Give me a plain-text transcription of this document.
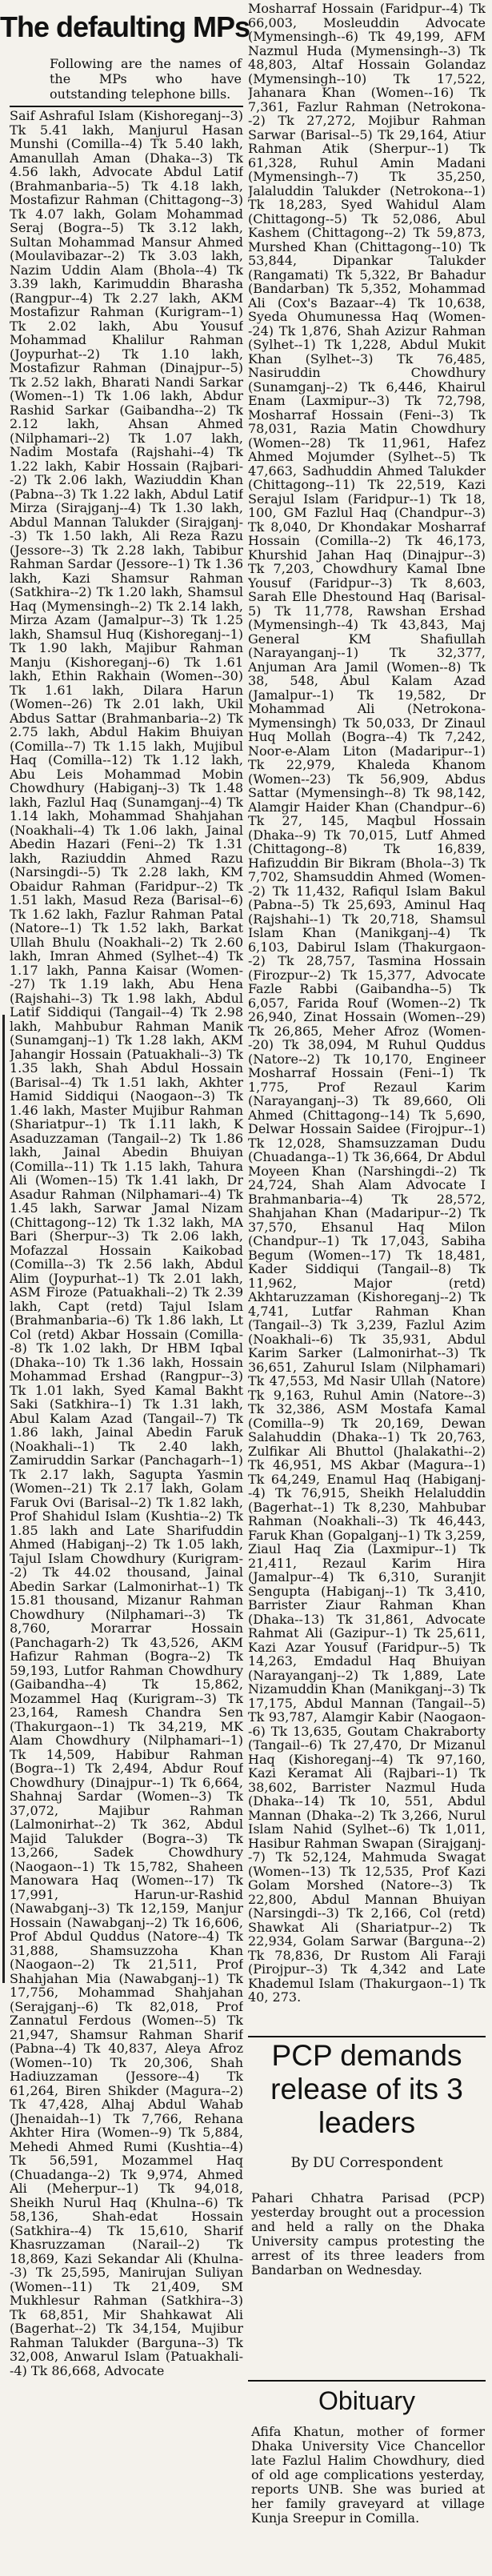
The defaulting MPs
Following are the names of the MPs who have outstanding telephone bills.

Saif Ashraful Islam (Kishoreganj--3) Tk 5.41 lakh, Manjurul Hasan Munshi (Comilla--4) Tk 5.40 lakh, Amanullah Aman (Dhaka--3) Tk 4.56 lakh, Advocate Abdul Latif (Brahmanbaria--5) Tk 4.18 lakh, Mostafizur Rahman (Chittagong--3) Tk 4.07 lakh, Golam Mohammad Seraj (Bogra--5) Tk 3.12 lakh, Sultan Mohammad Mansur Ahmed (Moulavibazar--2) Tk 3.03 lakh, Nazim Uddin Alam (Bhola--4) Tk 3.39 lakh, Karimuddin Bharasha (Rangpur--4) Tk 2.27 lakh, AKM Mostafizur Rahman (Kurigram--1) Tk 2.02 lakh, Abu Yousuf Mohammad Khalilur Rahman (Joypurhat--2) Tk 1.10 lakh, Mostafizur Rahman (Dinajpur--5) Tk 2.52 lakh, Bharati Nandi Sarkar (Women--1) Tk 1.06 lakh, Abdur Rashid Sarkar (Gaibandha--2) Tk 2.12 lakh, Ahsan Ahmed (Nilphamari--2) Tk 1.07 lakh, Nadim Mostafa (Rajshahi--4) Tk 1.22 lakh, Kabir Hossain (Rajbari--2) Tk 2.06 lakh, Waziuddin Khan (Pabna--3) Tk 1.22 lakh, Abdul Latif Mirza (Sirajganj--4) Tk 1.30 lakh, Abdul Mannan Talukder (Sirajganj--3) Tk 1.50 lakh, Ali Reza Razu (Jessore--3) Tk 2.28 lakh, Tabibur Rahman Sardar (Jessore--1) Tk 1.36 lakh, Kazi Shamsur Rahman (Satkhira--2) Tk 1.20 lakh, Shamsul Haq (Mymensingh--2) Tk 2.14 lakh, Mirza Azam (Jamalpur--3) Tk 1.25 lakh, Shamsul Huq (Kishoreganj--1) Tk 1.90 lakh, Majibur Rahman Manju (Kishoreganj--6) Tk 1.61 lakh, Ethin Rakhain (Women--30) Tk 1.61 lakh, Dilara Harun (Women--26) Tk 2.01 lakh, Ukil Abdus Sattar (Brahmanbaria--2) Tk 2.75 lakh, Abdul Hakim Bhuiyan (Comilla--7) Tk 1.15 lakh, Mujibul Haq (Comilla--12) Tk 1.12 lakh, Abu Leis Mohammad Mobin Chowdhury (Habiganj--3) Tk 1.48 lakh, Fazlul Haq (Sunamganj--4) Tk 1.14 lakh, Mohammad Shahjahan (Noakhali--4) Tk 1.06 lakh, Jainal Abedin Hazari (Feni--2) Tk 1.31 lakh, Raziuddin Ahmed Razu (Narsingdi--5) Tk 2.28 lakh, KM Obaidur Rahman (Faridpur--2) Tk 1.51 lakh, Masud Reza (Barisal--6) Tk 1.62 lakh, Fazlur Rahman Patal (Natore--1) Tk 1.52 lakh, Barkat Ullah Bhulu (Noakhali--2) Tk 2.60 lakh, Imran Ahmed (Sylhet--4) Tk 1.17 lakh, Panna Kaisar (Women--27) Tk 1.19 lakh, Abu Hena (Rajshahi--3) Tk 1.98 lakh, Abdul Latif Siddiqui (Tangail--4) Tk 2.98 lakh, Mahbubur Rahman Manik (Sunamganj--1) Tk 1.28 lakh, AKM Jahangir Hossain (Patuakhali--3) Tk 1.35 lakh, Shah Abdul Hossain (Barisal--4) Tk 1.51 lakh, Akhter Hamid Siddiqui (Naogaon--3) Tk 1.46 lakh, Master Mujibur Rahman (Shariatpur--1) Tk 1.11 lakh, K Asaduzzaman (Tangail--2) Tk 1.86 lakh, Jainal Abedin Bhuiyan (Comilla--11) Tk 1.15 lakh, Tahura Ali (Women--15) Tk 1.41 lakh, Dr Asadur Rahman (Nilphamari--4) Tk 1.45 lakh, Sarwar Jamal Nizam (Chittagong--12) Tk 1.32 lakh, MA Bari (Sherpur--3) Tk 2.06 lakh, Mofazzal Hossain Kaikobad (Comilla--3) Tk 2.56 lakh, Abdul Alim (Joypurhat--1) Tk 2.01 lakh, ASM Firoze (Patuakhali--2) Tk 2.39 lakh, Capt (retd) Tajul Islam (Brahmanbaria--6) Tk 1.86 lakh, Lt Col (retd) Akbar Hossain (Comilla--8) Tk 1.02 lakh, Dr HBM Iqbal (Dhaka--10) Tk 1.36 lakh, Hossain Mohammad Ershad (Rangpur--3) Tk 1.01 lakh, Syed Kamal Bakht Saki (Satkhira--1) Tk 1.31 lakh, Abul Kalam Azad (Tangail--7) Tk 1.86 lakh, Jainal Abedin Faruk (Noakhali--1) Tk 2.40 lakh, Zamiruddin Sarkar (Panchagarh--1) Tk 2.17 lakh, Sagupta Yasmin (Women--21) Tk 2.17 lakh, Golam Faruk Ovi (Barisal--2) Tk 1.82 lakh, Prof Shahidul Islam (Kushtia--2) Tk 1.85 lakh and Late Sharifuddin Ahmed (Habiganj--2) Tk 1.05 lakh, Tajul Islam Chowdhury (Kurigram--2) Tk 44.02 thousand, Jainal Abedin Sarkar (Lalmonirhat--1) Tk 15.81 thousand, Mizanur Rahman Chowdhury (Nilphamari--3) Tk 8,760, Morarrar Hossain (Panchagarh-2) Tk 43,526, AKM Hafizur Rahman (Bogra--2) Tk 59,193, Lutfor Rahman Chowdhury (Gaibandha--4) Tk 15,862, Mozammel Haq (Kurigram--3) Tk 23,164, Ramesh Chandra Sen (Thakurgaon--1) Tk 34,219, MK Alam Chowdhury (Nilphamari--1) Tk 14,509, Habibur Rahman (Bogra--1) Tk 2,494, Abdur Rouf Chowdhury (Dinajpur--1) Tk 6,664, Shahnaj Sardar (Women--3) Tk 37,072, Majibur Rahman (Lalmonirhat--2) Tk 362, Abdul Majid Talukder (Bogra--3) Tk 13,266, Sadek Chowdhury (Naogaon--1) Tk 15,782, Shaheen Manowara Haq (Women--17) Tk 17,991, Harun-ur-Rashid (Nawabganj--3) Tk 12,159, Manjur Hossain (Nawabganj--2) Tk 16,606, Prof Abdul Quddus (Natore--4) Tk 31,888, Shamsuzzoha Khan (Naogaon--2) Tk 21,511, Prof Shahjahan Mia (Nawabganj--1) Tk 17,756, Mohammad Shahjahan (Serajganj--6) Tk 82,018, Prof Zannatul Ferdous (Women--5) Tk 21,947, Shamsur Rahman Sharif (Pabna--4) Tk 40,837, Aleya Afroz (Women--10) Tk 20,306, Shah Hadiuzzaman (Jessore--4) Tk 61,264, Biren Shikder (Magura--2) Tk 47,428, Alhaj Abdul Wahab (Jhenaidah--1) Tk 7,766, Rehana Akhter Hira (Women--9) Tk 5,884, Mehedi Ahmed Rumi (Kushtia--4) Tk 56,591, Mozammel Haq (Chuadanga--2) Tk 9,974, Ahmed Ali (Meherpur--1) Tk 94,018, Sheikh Nurul Haq (Khulna--6) Tk 58,136, Shah-edat Hossain (Satkhira--4) Tk 15,610, Sharif Khasruzzaman (Narail--2) Tk 18,869, Kazi Sekandar Ali (Khulna--3) Tk 25,595, Manirujan Suliyan (Women--11) Tk 21,409, SM Mukhlesur Rahman (Satkhira--3) Tk 68,851, Mir Shahkawat Ali (Bagerhat--2) Tk 34,154, Mujibur Rahman Talukder (Barguna--3) Tk 32,008, Anwarul Islam (Patuakhali--4) Tk 86,668, Advocate

Mosharraf Hossain (Faridpur--4) Tk 66,003, Mosleuddin Advocate (Mymensingh--6) Tk 49,199, AFM Nazmul Huda (Mymensingh--3) Tk 48,803, Altaf Hossain Golandaz (Mymensingh--10) Tk 17,522, Jahanara Khan (Women--16) Tk 7,361, Fazlur Rahman (Netrokona--2) Tk 27,272, Mojibur Rahman Sarwar (Barisal--5) Tk 29,164, Atiur Rahman Atik (Sherpur--1) Tk 61,328, Ruhul Amin Madani (Mymensingh--7) Tk 35,250, Jalaluddin Talukder (Netrokona--1) Tk 18,283, Syed Wahidul Alam (Chittagong--5) Tk 52,086, Abul Kashem (Chittagong--2) Tk 59,873, Murshed Khan (Chittagong--10) Tk 53,844, Dipankar Talukder (Rangamati) Tk 5,322, Br Bahadur (Bandarban) Tk 5,352, Mohammad Ali (Cox's Bazaar--4) Tk 10,638, Syeda Ohumunessa Haq (Women--24) Tk 1,876, Shah Azizur Rahman (Sylhet--1) Tk 1,228, Abdul Mukit Khan (Sylhet--3) Tk 76,485, Nasiruddin Chowdhury (Sunamganj--2) Tk 6,446, Khairul Enam (Laxmipur--3) Tk 72,798, Mosharraf Hossain (Feni--3) Tk 78,031, Razia Matin Chowdhury (Women--28) Tk 11,961, Hafez Ahmed Mojumder (Sylhet--5) Tk 47,663, Sadhuddin Ahmed Talukder (Chittagong--11) Tk 22,519, Kazi Serajul Islam (Faridpur--1) Tk 18, 100, GM Fazlul Haq (Chandpur--3) Tk 8,040, Dr Khondakar Mosharraf Hossain (Comilla--2) Tk 46,173, Khurshid Jahan Haq (Dinajpur--3) Tk 7,203, Chowdhury Kamal Ibne Yousuf (Faridpur--3) Tk 8,603, Sarah Elle Dhestound Haq (Barisal-5) Tk 11,778, Rawshan Ershad (Mymensingh--4) Tk 43,843, Maj General KM Shafiullah (Narayanganj--1) Tk 32,377, Anjuman Ara Jamil (Women--8) Tk 38, 548, Abul Kalam Azad (Jamalpur--1) Tk 19,582, Dr Mohammad Ali (Netrokona-Mymensingh) Tk 50,033, Dr Zinaul Huq Mollah (Bogra--4) Tk 7,242, Noor-e-Alam Liton (Madaripur--1) Tk 22,979, Khaleda Khanom (Women--23) Tk 56,909, Abdus Sattar (Mymensingh--8) Tk 98,142, Alamgir Haider Khan (Chandpur--6) Tk 27, 145, Maqbul Hossain (Dhaka--9) Tk 70,015, Lutf Ahmed (Chittagong--8) Tk 16,839, Hafizuddin Bir Bikram (Bhola--3) Tk 7,702, Shamsuddin Ahmed (Women--2) Tk 11,432, Rafiqul Islam Bakul (Pabna--5) Tk 25,693, Aminul Haq (Rajshahi--1) Tk 20,718, Shamsul Islam Khan (Manikganj--4) Tk 6,103, Dabirul Islam (Thakurgaon--2) Tk 28,757, Tasmina Hossain (Firozpur--2) Tk 15,377, Advocate Fazle Rabbi (Gaibandha--5) Tk 6,057, Farida Rouf (Women--2) Tk 26,940, Zinat Hossain (Women--29) Tk 26,865, Meher Afroz (Women--20) Tk 38,094, M Ruhul Quddus (Natore--2) Tk 10,170, Engineer Mosharraf Hossain (Feni--1) Tk 1,775, Prof Rezaul Karim (Narayanganj--3) Tk 89,660, Oli Ahmed (Chittagong--14) Tk 5,690, Delwar Hossain Saidee (Firojpur--1) Tk 12,028, Shamsuzzaman Dudu (Chuadanga--1) Tk 36,664, Dr Abdul Moyeen Khan (Narshingdi--2) Tk 24,724, Shah Alam Advocate I Brahmanbaria--4) Tk 28,572, Shahjahan Khan (Madaripur--2) Tk 37,570, Ehsanul Haq Milon (Chandpur--1) Tk 17,043, Sabiha Begum (Women--17) Tk 18,481, Kader Siddiqui (Tangail--8) Tk 11,962, Major (retd) Akhtaruzzaman (Kishoreganj--2) Tk 4,741, Lutfar Rahman Khan (Tangail--3) Tk 3,239, Fazlul Azim (Noakhali--6) Tk 35,931, Abdul Karim Sarker (Lalmonirhat--3) Tk 36,651, Zahurul Islam (Nilphamari) Tk 47,553, Md Nasir Ullah (Natore) Tk 9,163, Ruhul Amin (Natore--3) Tk 32,386, ASM Mostafa Kamal (Comilla--9) Tk 20,169, Dewan Salahuddin (Dhaka--1) Tk 20,763, Zulfikar Ali Bhuttol (Jhalakathi--2) Tk 46,951, MS Akbar (Magura--1) Tk 64,249, Enamul Haq (Habiganj--4) Tk 76,915, Sheikh Helaluddin (Bagerhat--1) Tk 8,230, Mahbubar Rahman (Noakhali--3) Tk 46,443, Faruk Khan (Gopalganj--1) Tk 3,259, Ziaul Haq Zia (Laxmipur--1) Tk 21,411, Rezaul Karim Hira (Jamalpur--4) Tk 6,310, Suranjit Sengupta (Habiganj--1) Tk 3,410, Barrister Ziaur Rahman Khan (Dhaka--13) Tk 31,861, Advocate Rahmat Ali (Gazipur--1) Tk 25,611, Kazi Azar Yousuf (Faridpur--5) Tk 14,263, Emdadul Haq Bhuiyan (Narayanganj--2) Tk 1,889, Late Nizamuddin Khan (Manikganj--3) Tk 17,175, Abdul Mannan (Tangail--5) Tk 93,787, Alamgir Kabir (Naogaon--6) Tk 13,635, Goutam Chakraborty (Tangail--6) Tk 27,470, Dr Mizanul Haq (Kishoreganj--4) Tk 97,160, Kazi Keramat Ali (Rajbari--1) Tk 38,602, Barrister Nazmul Huda (Dhaka--14) Tk 10, 551, Abdul Mannan (Dhaka--2) Tk 3,266, Nurul Islam Nahid (Sylhet--6) Tk 1,011, Hasibur Rahman Swapan (Sirajganj--7) Tk 52,124, Mahmuda Swagat (Women--13) Tk 12,535, Prof Kazi Golam Morshed (Natore--3) Tk 22,800, Abdul Mannan Bhuiyan (Narsingdi--3) Tk 2,166, Col (retd) Shawkat Ali (Shariatpur--2) Tk 22,934, Golam Sarwar (Barguna--2) Tk 78,836, Dr Rustom Ali Faraji (Pirojpur--3) Tk 4,342 and Late Khademul Islam (Thakurgaon--1) Tk 40, 273.

PCP demands release of its 3 leaders
By DU Correspondent

Pahari Chhatra Parisad (PCP) yesterday brought out a procession and held a rally on the Dhaka University campus protesting the arrest of its three leaders from Bandarban on Wednesday.

Obituary

Afifa Khatun, mother of former Dhaka University Vice Chancellor late Fazlul Halim Chowdhury, died of old age complications yesterday, reports UNB. She was buried at her family graveyard at village Kunja Sreepur in Comilla.
